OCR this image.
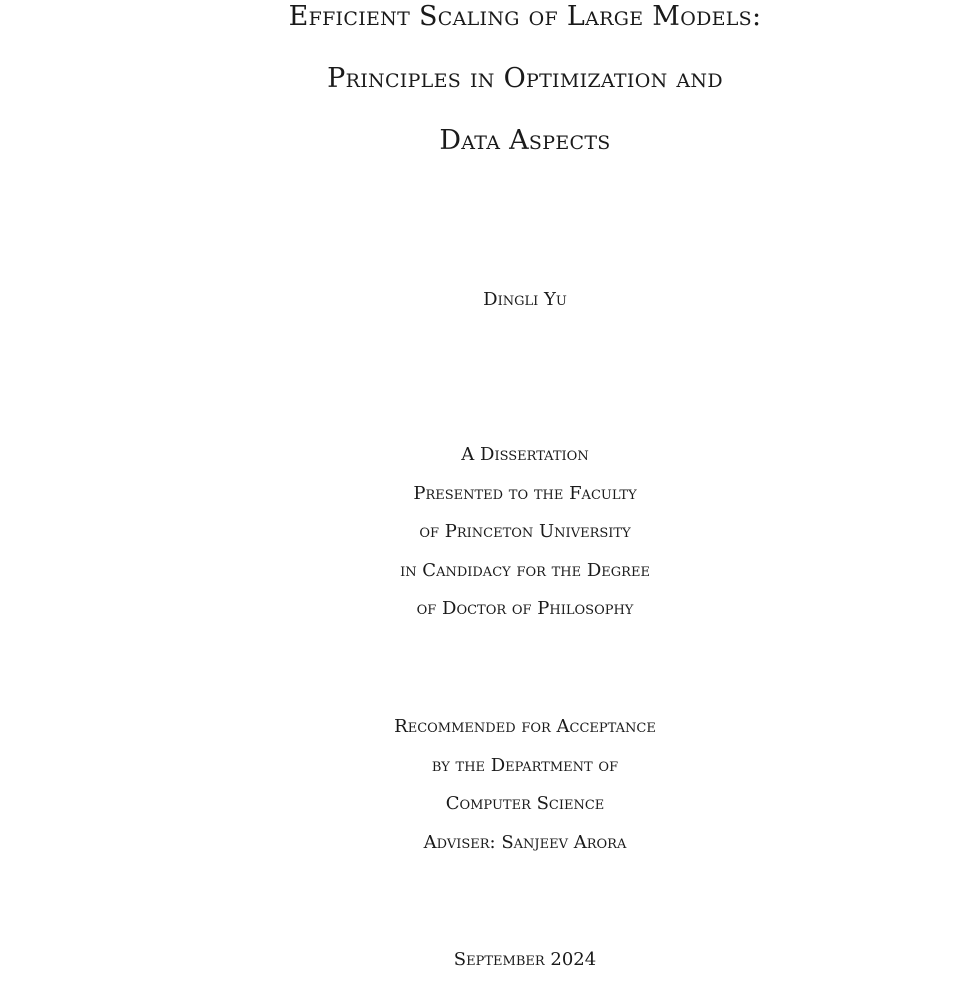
Efficient Scaling of Large Models:
Principles in Optimization and
Data Aspects
Dingli Yu
A Dissertation
Presented to the Faculty
of Princeton University
in Candidacy for the Degree
of Doctor of Philosophy
Recommended for Acceptance
by the Department of
Computer Science
Adviser: Sanjeev Arora
September 2024
